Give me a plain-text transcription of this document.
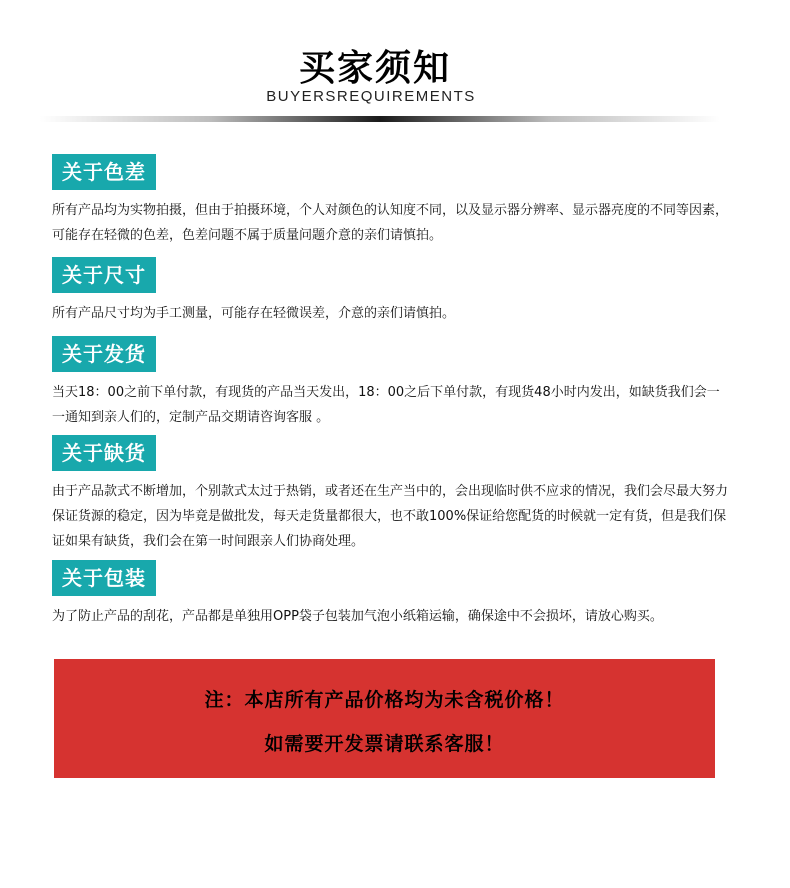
买家须知
BUYERSREQUIREMENTS
关于色差

所有产品均为实物拍摄，但由于拍摄环境，个人对颜色的认知度不同，以及显示器分辨率、显示器亮度的不同等因素，可能存在轻微的色差，色差问题不属于质量问题介意的亲们请慎拍。

关于尺寸

所有产品尺寸均为手工测量，可能存在轻微误差，介意的亲们请慎拍。

关于发货

当天18：00之前下单付款，有现货的产品当天发出，18：00之后下单付款，有现货48小时内发出，如缺货我们会一一通知到亲人们的，定制产品交期请咨询客服 。

关于缺货

由于产品款式不断增加，个别款式太过于热销，或者还在生产当中的，会出现临时供不应求的情况，我们会尽最大努力保证货源的稳定，因为毕竟是做批发，每天走货量都很大，也不敢100%保证给您配货的时候就一定有货，但是我们保证如果有缺货，我们会在第一时间跟亲人们协商处理。

关于包装

为了防止产品的刮花，产品都是单独用OPP袋子包装加气泡小纸箱运输，确保途中不会损坏，请放心购买。

注：本店所有产品价格均为未含税价格！
如需要开发票请联系客服！
